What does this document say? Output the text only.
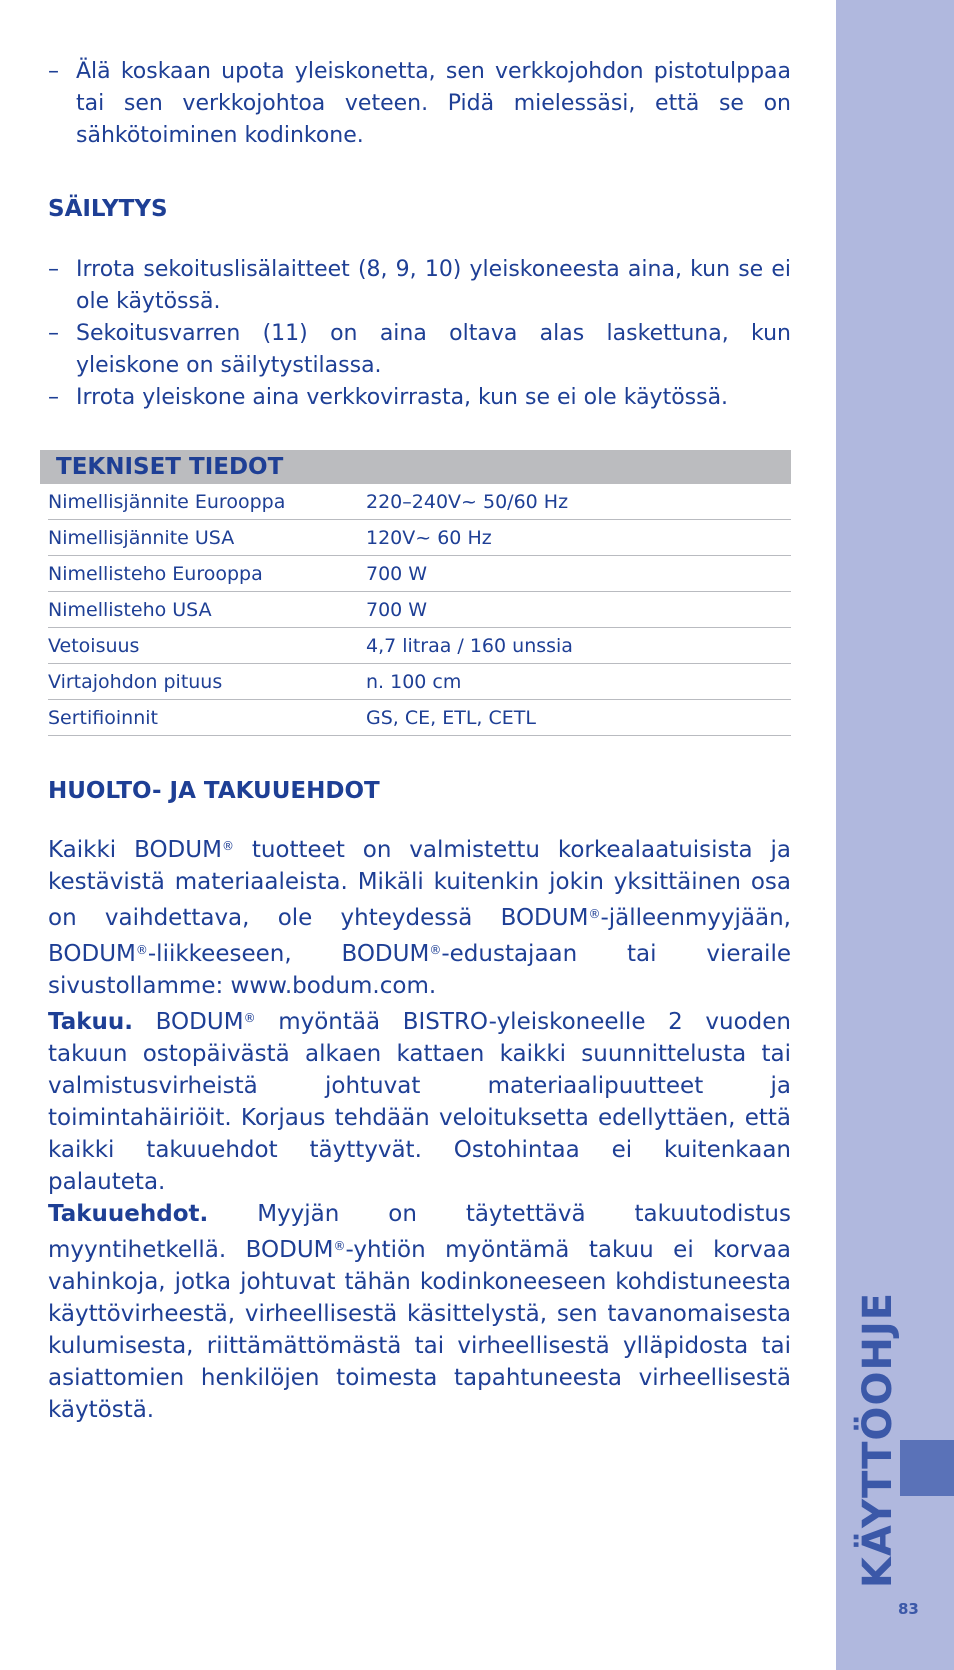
KÄYTTÖOHJE
83
– Älä koskaan upota yleiskonetta, sen verkkojohdon pistotulppaa tai sen verkkojohtoa veteen. Pidä mielessäsi, että se on sähkötoiminen kodinkone.
SÄILYTYS
– Irrota sekoituslisälaitteet (8, 9, 10) yleiskoneesta aina, kun se ei ole käytössä.
– Sekoitusvarren (11) on aina oltava alas laskettuna, kun yleiskone on säilytystilassa.
– Irrota yleiskone aina verkkovirrasta, kun se ei ole käytössä.
TEKNISET TIEDOT
Nimellisjännite Eurooppa	220–240V~ 50/60 Hz
Nimellisjännite USA	120V~ 60 Hz
Nimellisteho Eurooppa	700 W
Nimellisteho USA	700 W
Vetoisuus	4,7 litraa / 160 unssia
Virtajohdon pituus	n. 100 cm
Sertifioinnit	GS, CE, ETL, CETL
HUOLTO- JA TAKUUEHDOT

Kaikki BODUM® tuotteet on valmistettu korkealaatuisista ja kestävistä materiaaleista. Mikäli kuitenkin jokin yksittäinen osa on vaihdettava, ole yhteydessä BODUM®-jälleenmyyjään, BODUM®-liikkeeseen, BODUM®-edustajaan tai vieraile sivustollamme: www.bodum.com.

Takuu. BODUM® myöntää BISTRO-yleiskoneelle 2 vuoden takuun ostopäivästä alkaen kattaen kaikki suunnittelusta tai valmistusvirheistä johtuvat materiaalipuutteet ja toimintahäiriöit. Korjaus tehdään veloituksetta edellyttäen, että kaikki takuuehdot täyttyvät. Ostohintaa ei kuitenkaan palauteta.

Takuuehdot. Myyjän on täytettävä takuutodistus myyntihetkellä. BODUM®-yhtiön myöntämä takuu ei korvaa vahinkoja, jotka johtuvat tähän kodinkoneeseen kohdistuneesta käyttövirheestä, virheellisestä käsittelystä, sen tavanomaisesta kulumisesta, riittämättömästä tai virheellisestä ylläpidosta tai asiattomien henkilöjen toimesta tapahtuneesta virheellisestä käytöstä.
